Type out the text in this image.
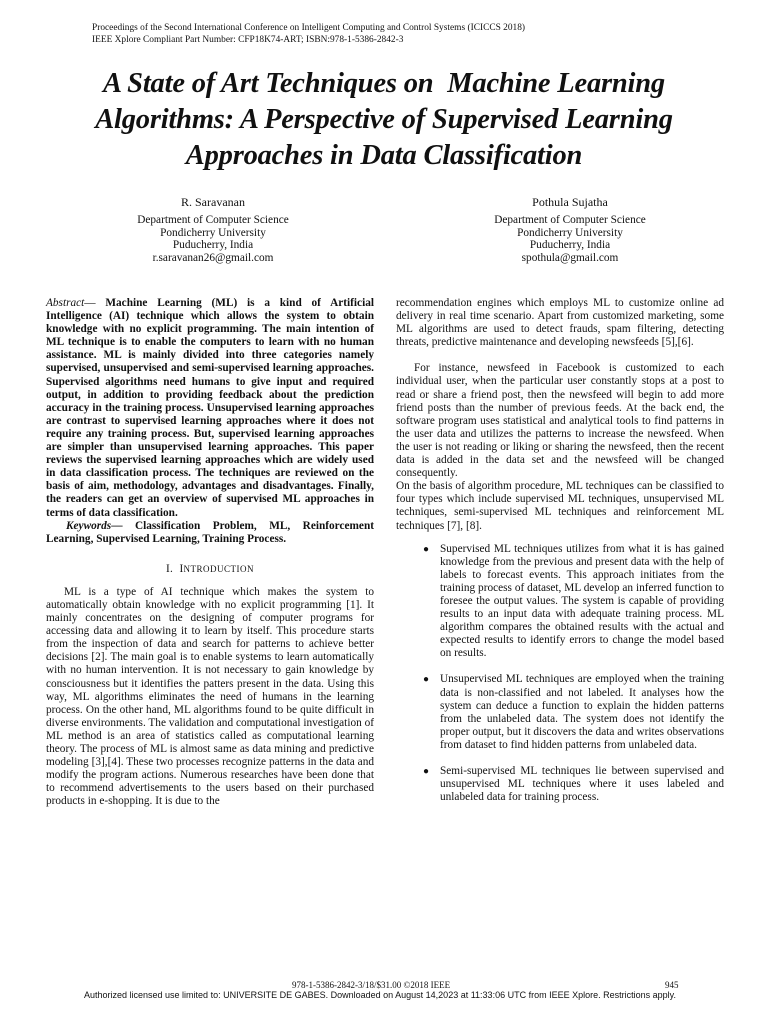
Proceedings of the Second International Conference on Intelligent Computing and Control Systems (ICICCS 2018)
IEEE Xplore Compliant Part Number: CFP18K74-ART; ISBN:978-1-5386-2842-3
A State of Art Techniques on  Machine Learning
Algorithms: A Perspective of Supervised Learning
Approaches in Data Classification
R. Saravanan
Department of Computer Science
Pondicherry University
Puducherry, India
r.saravanan26@gmail.com
Pothula Sujatha
Department of Computer Science
Pondicherry University
Puducherry, India
spothula@gmail.com

Abstract— Machine Learning (ML) is a kind of Artificial Intelligence (AI) technique which allows the system to obtain knowledge with no explicit programming. The main intention of ML technique is to enable the computers to learn with no human assistance. ML is mainly divided into three categories namely supervised, unsupervised and semi-supervised learning approaches. Supervised algorithms need humans to give input and required output, in addition to providing feedback about the prediction accuracy in the training process. Unsupervised learning approaches are contrast to supervised learning approaches where it does not require any training process. But, supervised learning approaches are simpler than unsupervised learning approaches. This paper reviews the supervised learning approaches which are widely used in data classification process. The techniques are reviewed on the basis of aim, methodology, advantages and disadvantages. Finally, the readers can get an overview of supervised ML approaches in terms of data classification.

Keywords— Classification Problem, ML, Reinforcement Learning, Supervised Learning, Training Process.

I. INTRODUCTION

ML is a type of AI technique which makes the system to automatically obtain knowledge with no explicit programming [1]. It mainly concentrates on the designing of computer programs for accessing data and allowing it to learn by itself. This procedure starts from the inspection of data and search for patterns to achieve better decisions [2]. The main goal is to enable systems to learn automatically with no human intervention. It is not necessary to gain knowledge by consciousness but it identifies the patters present in the data. Using this way, ML algorithms eliminates the need of humans in the learning process. On the other hand, ML algorithms found to be quite difficult in diverse environments. The validation and computational investigation of ML method is an area of statistics called as computational learning theory. The process of ML is almost same as data mining and predictive modeling [3],[4]. These two processes recognize patterns in the data and modify the program actions. Numerous researches have been done that to recommend advertisements to the users based on their purchased products in e-shopping. It is due to the

recommendation engines which employs ML to customize online ad delivery in real time scenario. Apart from customized marketing, some ML algorithms are used to detect frauds, spam filtering, detecting threats, predictive maintenance and developing newsfeeds [5],[6].

For instance, newsfeed in Facebook is customized to each individual user, when the particular user constantly stops at a post to read or share a friend post, then the newsfeed will begin to add more friend posts than the number of previous feeds. At the back end, the software program uses statistical and analytical tools to find patterns in the user data and utilizes the patterns to increase the newsfeed. When the user is not reading or liking or sharing the newsfeed, then the recent data is added in the data set and the newsfeed will be changed consequently.

On the basis of algorithm procedure, ML techniques can be classified to four types which include supervised ML techniques, unsupervised ML techniques, semi-supervised ML techniques and reinforcement ML techniques [7], [8].

● Supervised ML techniques utilizes from what it is has gained knowledge from the previous and present data with the help of labels to forecast events. This approach initiates from the training process of dataset, ML develop an inferred function to foresee the output values. The system is capable of providing results to an input data with adequate training process. ML algorithm compares the obtained results with the actual and expected results to identify errors to change the model based on results.
● Unsupervised ML techniques are employed when the training data is non-classified and not labeled. It analyses how the system can deduce a function to explain the hidden patterns from the unlabeled data. The system does not identify the proper output, but it discovers the data and writes observations from dataset to find hidden patterns from unlabeled data.
● Semi-supervised ML techniques lie between supervised and unsupervised ML techniques where it uses labeled and unlabeled data for training process.
978-1-5386-2842-3/18/$31.00 ©2018 IEEE	945
Authorized licensed use limited to: UNIVERSITE DE GABES. Downloaded on August 14,2023 at 11:33:06 UTC from IEEE Xplore. Restrictions apply.
